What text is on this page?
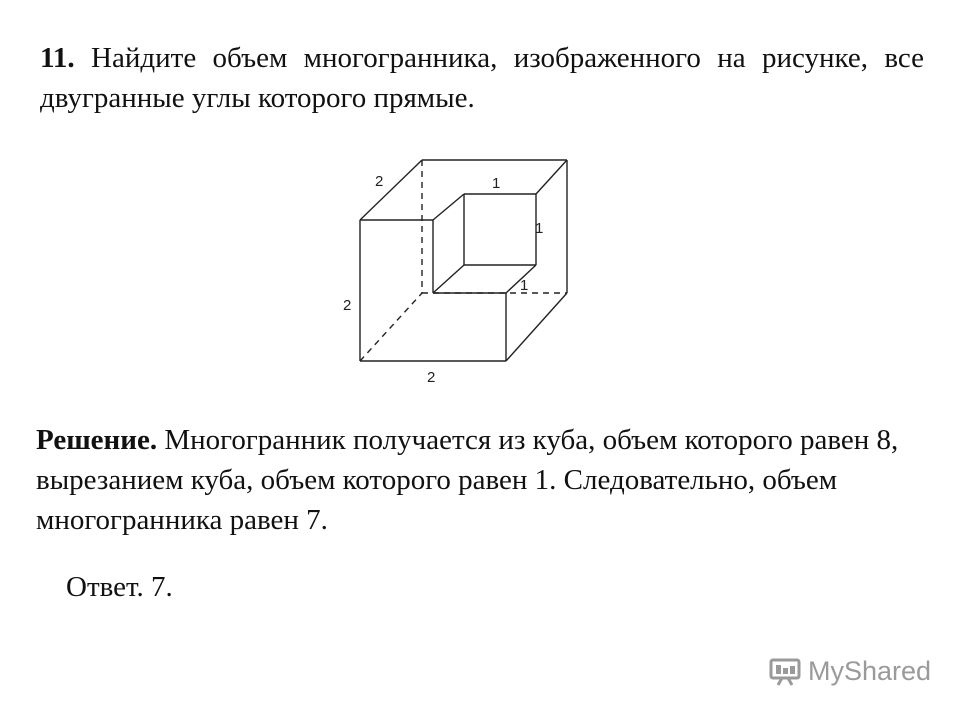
11. Найдите объем многогранника, изображенного на рисунке, все двугранные углы которого прямые.

2
2
2
1
1
1

Решение. Многогранник получается из куба, объем которого равен 8, вырезанием куба, объем которого равен 1. Следовательно, объем многогранника равен 7.

Ответ. 7.

MyShared
